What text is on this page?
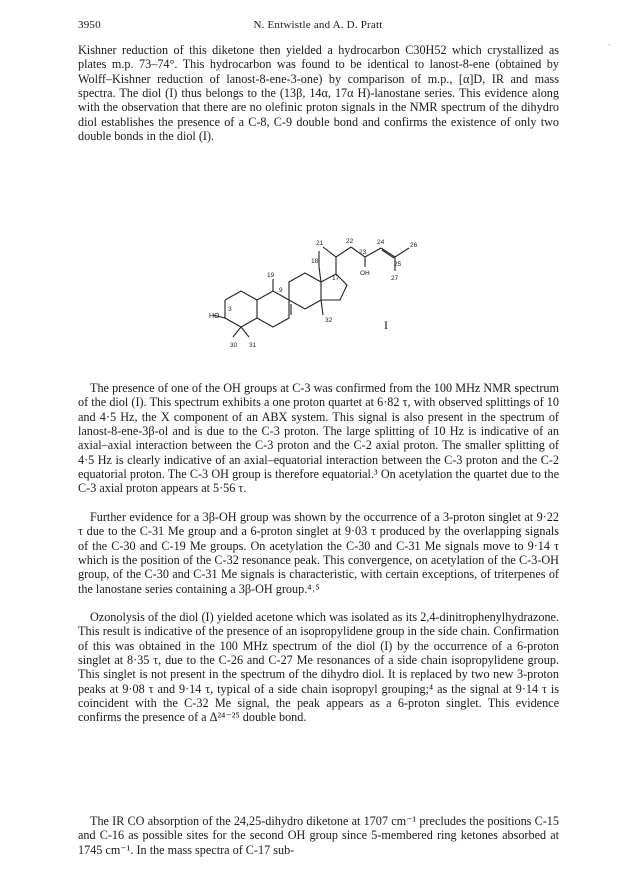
3950	N. Entwistle and A. D. Pratt
·

Kishner reduction of this diketone then yielded a hydrocarbon C30H52 which crystallized as plates m.p. 73–74°. This hydrocarbon was found to be identical to lanost-8-ene (obtained by Wolff–Kishner reduction of lanost-8-ene-3-one) by comparison of m.p., [α]D, IR and mass spectra. The diol (I) thus belongs to the (13β, 14α, 17α H)-lanostane series. This evidence along with the observation that there are no olefinic proton signals in the NMR spectrum of the dihydro diol establishes the presence of a C-8, C-9 double bond and confirms the existence of only two double bonds in the diol (I).

HO
3
9
19
18
17
32
30 31
21	22
23
OH
24
25
26
27
I

The presence of one of the OH groups at C-3 was confirmed from the 100 MHz NMR spectrum of the diol (I). This spectrum exhibits a one proton quartet at 6·82 τ, with observed splittings of 10 and 4·5 Hz, the X component of an ABX system. This signal is also present in the spectrum of lanost-8-ene-3β-ol and is due to the C-3 proton. The large splitting of 10 Hz is indicative of an axial–axial interaction between the C-3 proton and the C-2 axial proton. The smaller splitting of 4·5 Hz is clearly indicative of an axial–equatorial interaction between the C-3 proton and the C-2 equatorial proton. The C-3 OH group is therefore equatorial.³ On acetylation the quartet due to the C-3 axial proton appears at 5·56 τ.

Further evidence for a 3β-OH group was shown by the occurrence of a 3-proton singlet at 9·22 τ due to the C-31 Me group and a 6-proton singlet at 9·03 τ produced by the overlapping signals of the C-30 and C-19 Me groups. On acetylation the C-30 and C-31 Me signals move to 9·14 τ which is the position of the C-32 resonance peak. This convergence, on acetylation of the C-3-OH group, of the C-30 and C-31 Me signals is characteristic, with certain exceptions, of triterpenes of the lanostane series containing a 3β-OH group.⁴˒⁵

Ozonolysis of the diol (I) yielded acetone which was isolated as its 2,4-dinitrophenylhydrazone. This result is indicative of the presence of an isopropylidene group in the side chain. Confirmation of this was obtained in the 100 MHz spectrum of the diol (I) by the occurrence of a 6-proton singlet at 8·35 τ, due to the C-26 and C-27 Me resonances of a side chain isopropylidene group. This singlet is not present in the spectrum of the dihydro diol. It is replaced by two new 3-proton peaks at 9·08 τ and 9·14 τ, typical of a side chain isopropyl grouping;⁴ as the signal at 9·14 τ is coincident with the C-32 Me signal, the peak appears as a 6-proton singlet. This evidence confirms the presence of a Δ²⁴⁻²⁵ double bond.

The IR CO absorption of the 24,25-dihydro diketone at 1707 cm⁻¹ precludes the positions C-15 and C-16 as possible sites for the second OH group since 5-membered ring ketones absorbed at 1745 cm⁻¹. In the mass spectra of C-17 sub-
